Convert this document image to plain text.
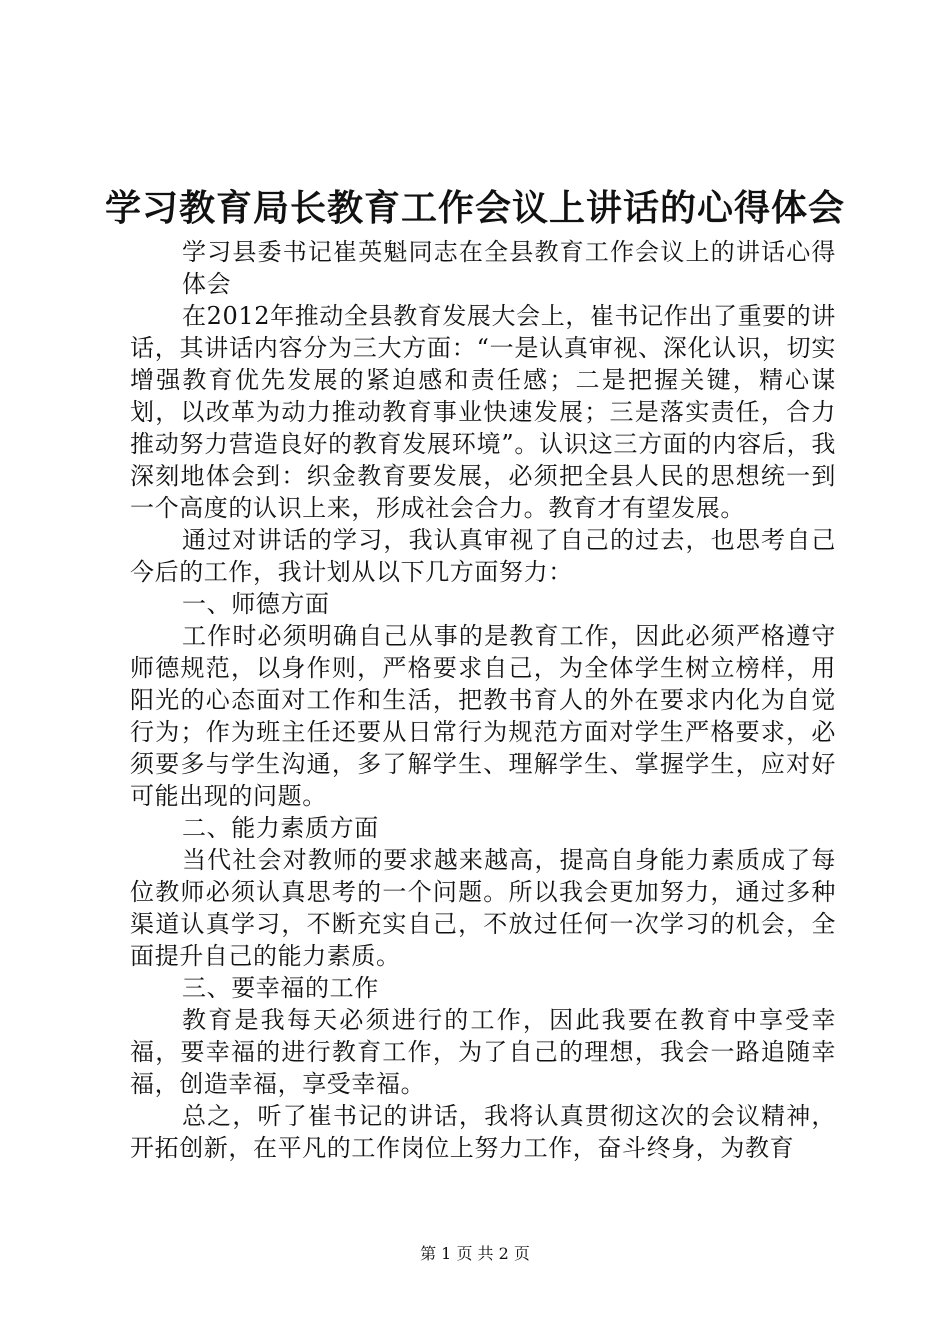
学习教育局长教育工作会议上讲话的心得体会

学习县委书记崔英魁同志在全县教育工作会议上的讲话心得体会

在2012年推动全县教育发展大会上，崔书记作出了重要的讲话，其讲话内容分为三大方面：“一是认真审视、深化认识，切实增强教育优先发展的紧迫感和责任感；二是把握关键，精心谋划，以改革为动力推动教育事业快速发展；三是落实责任，合力推动努力营造良好的教育发展环境”。认识这三方面的内容后，我深刻地体会到：织金教育要发展，必须把全县人民的思想统一到一个高度的认识上来，形成社会合力。教育才有望发展。

通过对讲话的学习，我认真审视了自己的过去，也思考自己今后的工作，我计划从以下几方面努力：

一、师德方面

工作时必须明确自己从事的是教育工作，因此必须严格遵守师德规范，以身作则，严格要求自己，为全体学生树立榜样，用阳光的心态面对工作和生活，把教书育人的外在要求内化为自觉行为；作为班主任还要从日常行为规范方面对学生严格要求，必须要多与学生沟通，多了解学生、理解学生、掌握学生，应对好可能出现的问题。

二、能力素质方面

当代社会对教师的要求越来越高，提高自身能力素质成了每位教师必须认真思考的一个问题。所以我会更加努力，通过多种渠道认真学习，不断充实自己，不放过任何一次学习的机会，全面提升自己的能力素质。

三、要幸福的工作

教育是我每天必须进行的工作，因此我要在教育中享受幸福，要幸福的进行教育工作，为了自己的理想，我会一路追随幸福，创造幸福，享受幸福。

总之，听了崔书记的讲话，我将认真贯彻这次的会议精神，开拓创新，在平凡的工作岗位上努力工作，奋斗终身，为教育

第 1 页 共 2 页
